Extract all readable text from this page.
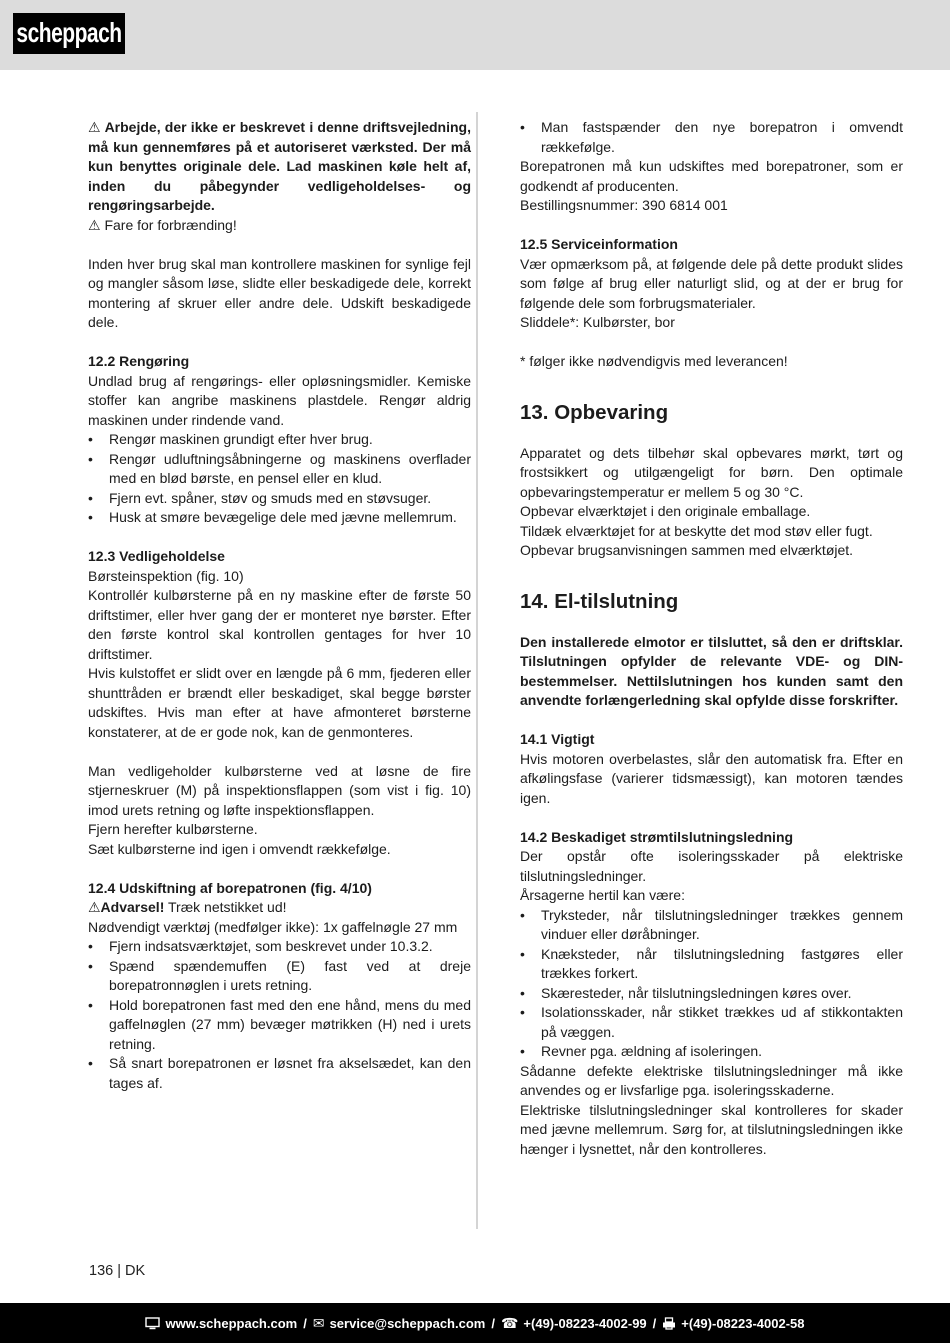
scheppach

⚠ Arbejde, der ikke er beskrevet i denne driftsvejledning, må kun gennemføres på et autoriseret værksted. Der må kun benyttes originale dele. Lad maskinen køle helt af, inden du påbegynder vedligeholdelses- og rengøringsarbejde.

⚠ Fare for forbrænding!

Inden hver brug skal man kontrollere maskinen for synlige fejl og mangler såsom løse, slidte eller beskadigede dele, korrekt montering af skruer eller andre dele. Udskift beskadigede dele.

12.2 Rengøring

Undlad brug af rengørings- eller opløsningsmidler. Kemiske stoffer kan angribe maskinens plastdele. Rengør aldrig maskinen under rindende vand.

•	Rengør maskinen grundigt efter hver brug.
•	Rengør udluftningsåbningerne og maskinens overflader med en blød børste, en pensel eller en klud.
•	Fjern evt. spåner, støv og smuds med en støvsuger.
•	Husk at smøre bevægelige dele med jævne mellemrum.
12.3 Vedligeholdelse

Børsteinspektion (fig. 10)

Kontrollér kulbørsterne på en ny maskine efter de første 50 driftstimer, eller hver gang der er monteret nye børster. Efter den første kontrol skal kontrollen gentages for hver 10 driftstimer.

Hvis kulstoffet er slidt over en længde på 6 mm, fjederen eller shunttråden er brændt eller beskadiget, skal begge børster udskiftes. Hvis man efter at have afmonteret børsterne konstaterer, at de er gode nok, kan de genmonteres.

Man vedligeholder kulbørsterne ved at løsne de fire stjerneskruer (M) på inspektionsflappen (som vist i fig. 10) imod urets retning og løfte inspektionsflappen.

Fjern herefter kulbørsterne.

Sæt kulbørsterne ind igen i omvendt rækkefølge.

12.4 Udskiftning af borepatronen (fig. 4/10)

⚠Advarsel! Træk netstikket ud!

Nødvendigt værktøj (medfølger ikke): 1x gaffelnøgle 27 mm

•	Fjern indsatsværktøjet, som beskrevet under 10.3.2.
•	Spænd spændemuffen (E) fast ved at dreje borepatronnøglen i urets retning.
•	Hold borepatronen fast med den ene hånd, mens du med gaffelnøglen (27 mm) bevæger møtrikken (H) ned i urets retning.
•	Så snart borepatronen er løsnet fra akselsædet, kan den tages af.
•	Man fastspænder den nye borepatron i omvendt rækkefølge.

Borepatronen må kun udskiftes med borepatroner, som er godkendt af producenten.

Bestillingsnummer: 390 6814 001

12.5 Serviceinformation

Vær opmærksom på, at følgende dele på dette produkt slides som følge af brug eller naturligt slid, og at der er brug for følgende dele som forbrugsmaterialer.

Sliddele*: Kulbørster, bor

* følger ikke nødvendigvis med leverancen!

13. Opbevaring

Apparatet og dets tilbehør skal opbevares mørkt, tørt og frostsikkert og utilgængeligt for børn. Den optimale opbevaringstemperatur er mellem 5 og 30 °C.

Opbevar elværktøjet i den originale emballage.

Tildæk elværktøjet for at beskytte det mod støv eller fugt.

Opbevar brugsanvisningen sammen med elværktøjet.

14. El-tilslutning

Den installerede elmotor er tilsluttet, så den er driftsklar. Tilslutningen opfylder de relevante VDE- og DIN-bestemmelser. Nettilslutningen hos kunden samt den anvendte forlængerledning skal opfylde disse forskrifter.

14.1 Vigtigt

Hvis motoren overbelastes, slår den automatisk fra. Efter en afkølingsfase (varierer tidsmæssigt), kan motoren tændes igen.

14.2 Beskadiget strømtilslutningsledning

Der opstår ofte isoleringsskader på elektriske tilslutningsledninger.

Årsagerne hertil kan være:

•	Tryksteder, når tilslutningsledninger trækkes gennem vinduer eller døråbninger.
•	Knæksteder, når tilslutningsledning fastgøres eller trækkes forkert.
•	Skæresteder, når tilslutningsledningen køres over.
•	Isolationsskader, når stikket trækkes ud af stikkontakten på væggen.
•	Revner pga. ældning af isoleringen.

Sådanne defekte elektriske tilslutningsledninger må ikke anvendes og er livsfarlige pga. isoleringsskaderne.

Elektriske tilslutningsledninger skal kontrolleres for skader med jævne mellemrum. Sørg for, at tilslutningsledningen ikke hænger i lysnettet, når den kontrolleres.

136 | DK
www.scheppach.com / ✉ service@scheppach.com / ☎ +(49)-08223-4002-99 / +(49)-08223-4002-58
